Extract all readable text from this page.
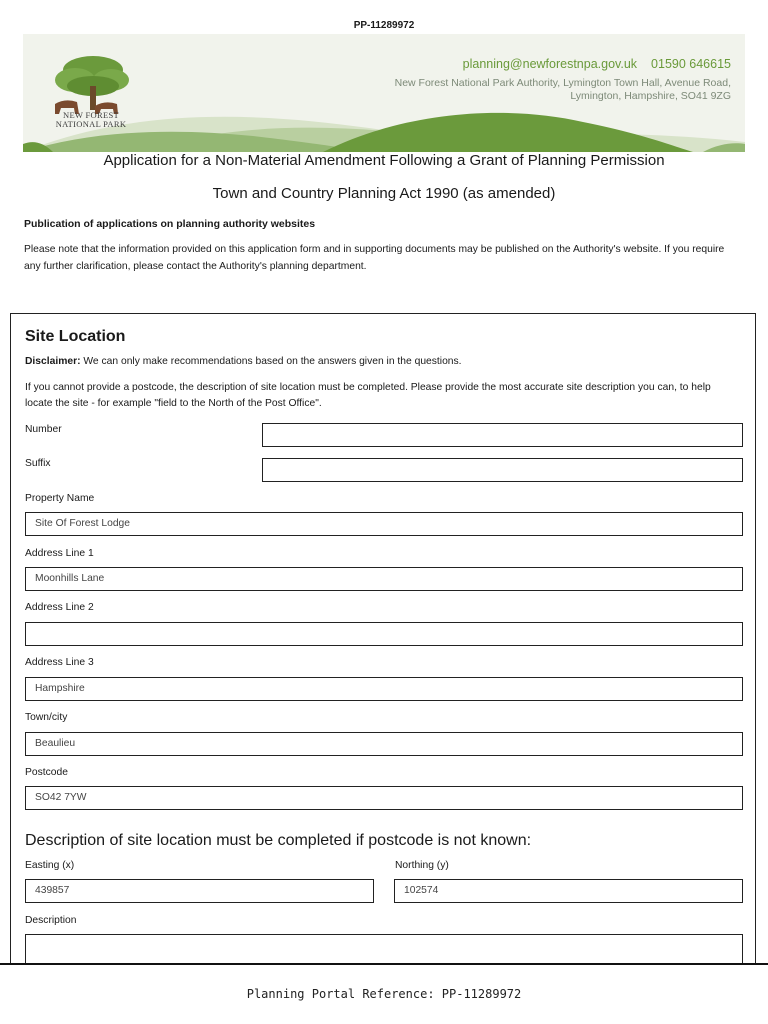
PP-11289972
NEW FOREST
NATIONAL PARK
planning@newforestnpa.gov.uk 01590 646615
New Forest National Park Authority, Lymington Town Hall, Avenue Road,
Lymington, Hampshire, SO41 9ZG
Application for a Non-Material Amendment Following a Grant of Planning Permission
Town and Country Planning Act 1990 (as amended)
Publication of applications on planning authority websites
Please note that the information provided on this application form and in supporting documents may be published on the Authority's website. If you require any further clarification, please contact the Authority's planning department.
Site Location
Disclaimer: We can only make recommendations based on the answers given in the questions.
If you cannot provide a postcode, the description of site location must be completed. Please provide the most accurate site description you can, to help locate the site - for example "field to the North of the Post Office".
Number
Suffix
Property Name
Site Of Forest Lodge
Address Line 1
Moonhills Lane
Address Line 2
Address Line 3
Hampshire
Town/city
Beaulieu
Postcode
SO42 7YW
Description of site location must be completed if postcode is not known:
Easting (x)
439857
Northing (y)
102574
Description
Planning Portal Reference: PP-11289972
